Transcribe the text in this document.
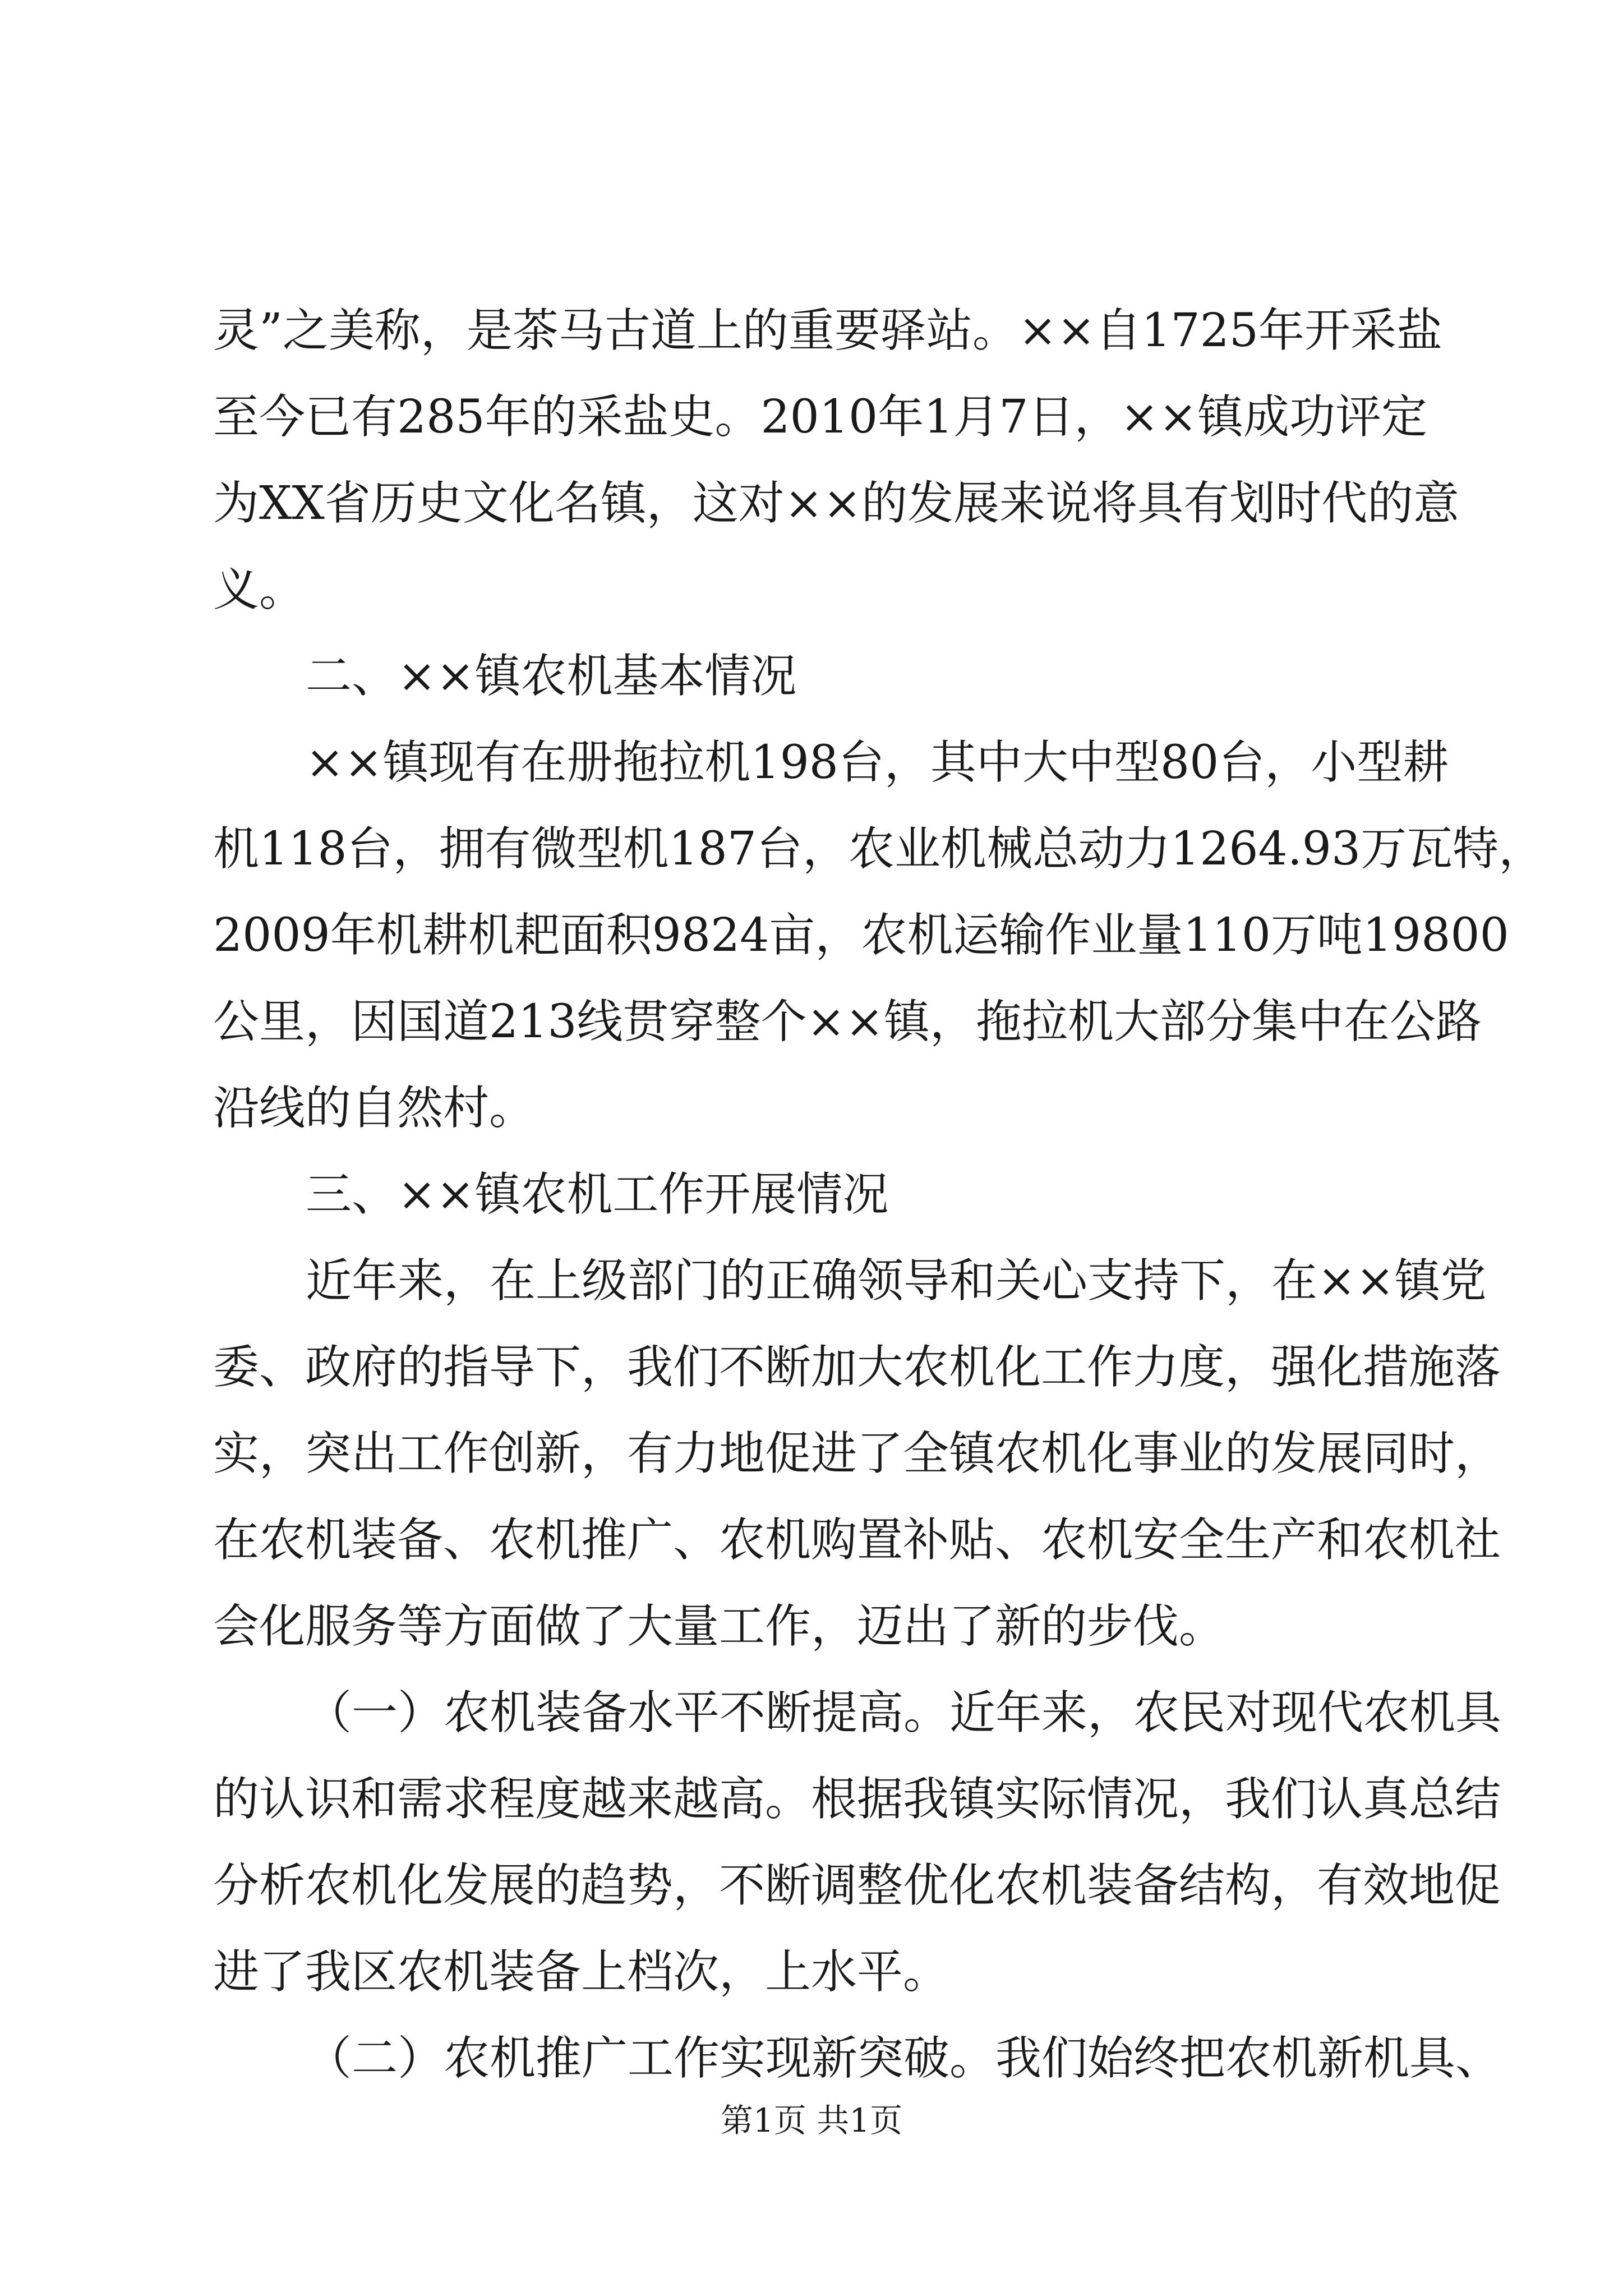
灵”之美称，是茶马古道上的重要驿站。××自1725年开采盐
至今已有285年的采盐史。2010年1月7日，××镇成功评定
为XX省历史文化名镇，这对××的发展来说将具有划时代的意
义。
二、××镇农机基本情况
××镇现有在册拖拉机198台，其中大中型80台，小型耕
机118台，拥有微型机187台，农业机械总动力1264.93万瓦特，
2009年机耕机耙面积9824亩，农机运输作业量110万吨19800
公里，因国道213线贯穿整个××镇，拖拉机大部分集中在公路
沿线的自然村。
三、××镇农机工作开展情况
近年来，在上级部门的正确领导和关心支持下，在××镇党
委、政府的指导下，我们不断加大农机化工作力度，强化措施落
实，突出工作创新，有力地促进了全镇农机化事业的发展同时，
在农机装备、农机推广、农机购置补贴、农机安全生产和农机社
会化服务等方面做了大量工作，迈出了新的步伐。
（一）农机装备水平不断提高。近年来，农民对现代农机具
的认识和需求程度越来越高。根据我镇实际情况，我们认真总结
分析农机化发展的趋势，不断调整优化农机装备结构，有效地促
进了我区农机装备上档次，上水平。
（二）农机推广工作实现新突破。我们始终把农机新机具、
第1页 共1页
